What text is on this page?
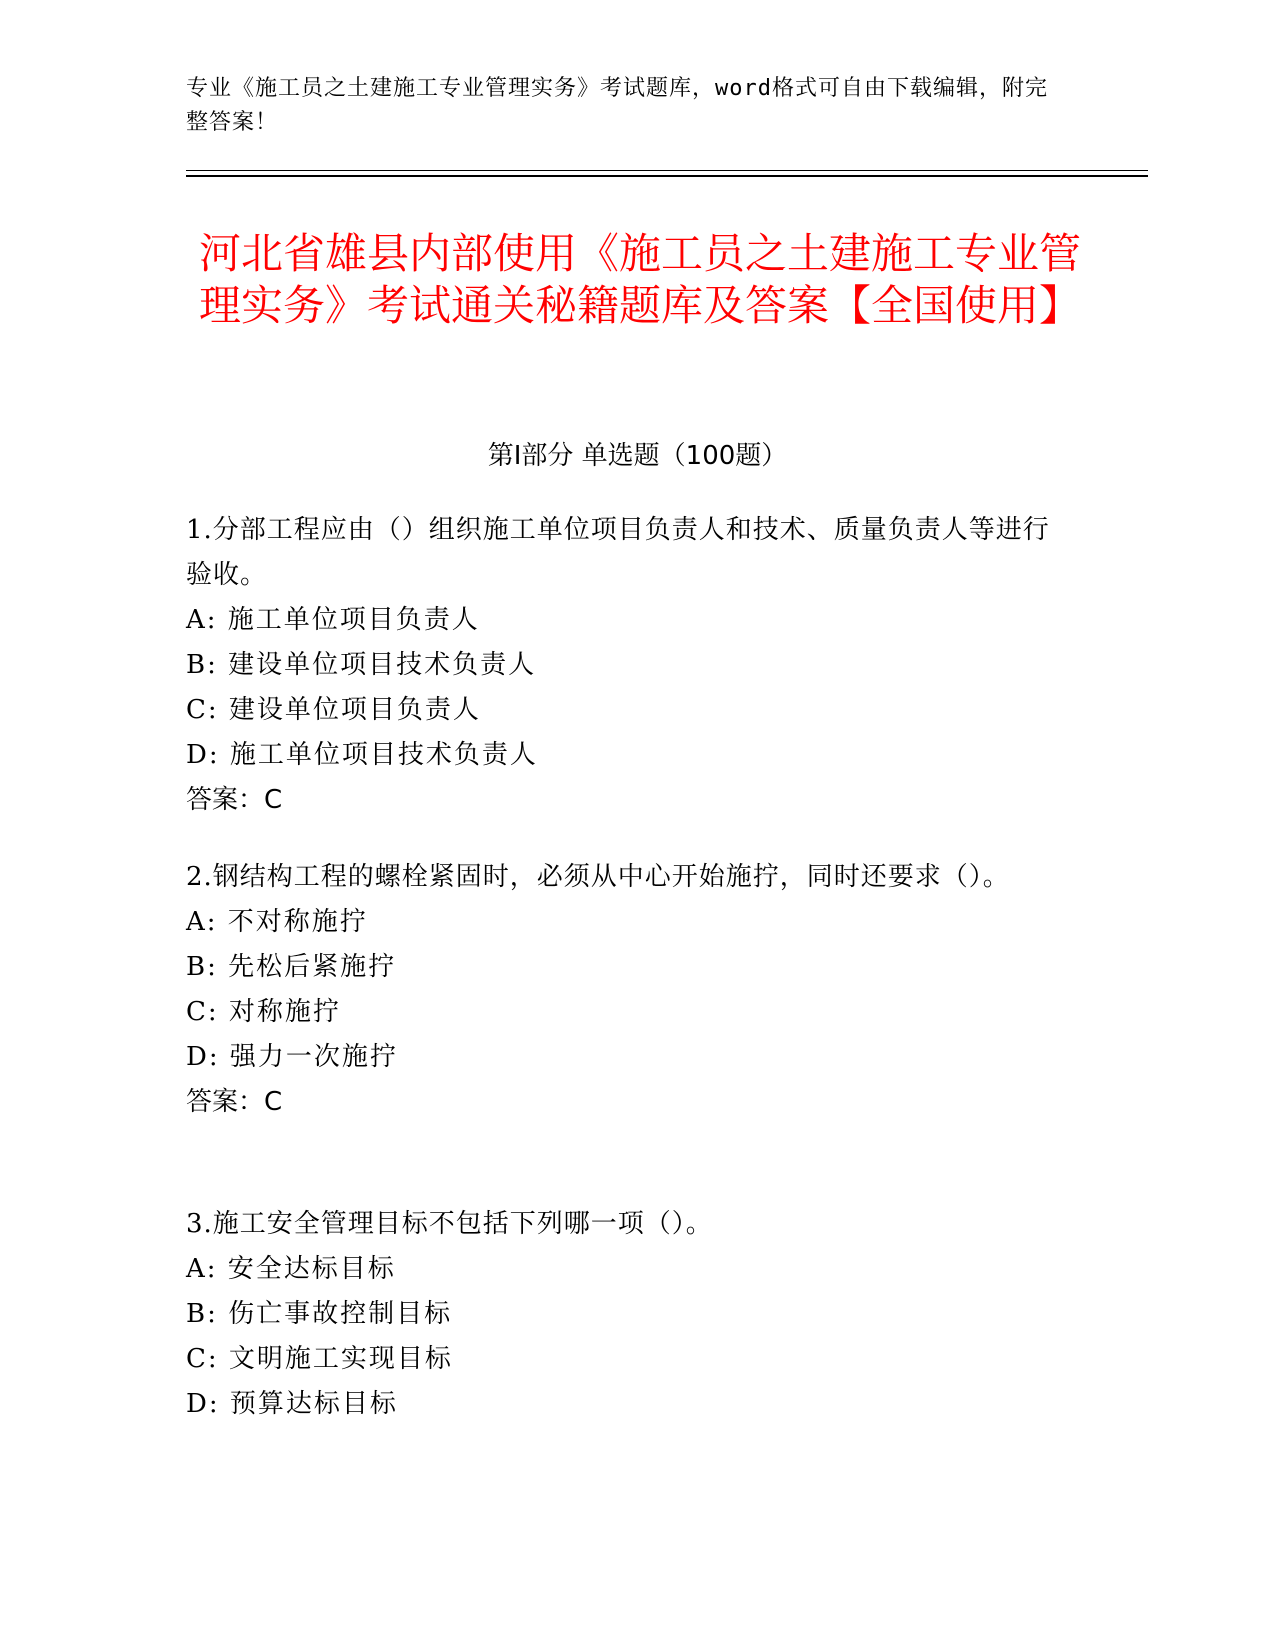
专业《施工员之土建施工专业管理实务》考试题库，word格式可自由下载编辑，附完整答案！
河北省雄县内部使用《施工员之土建施工专业管理实务》考试通关秘籍题库及答案【全国使用】
第Ⅰ部分 单选题（100题）
1.分部工程应由（）组织施工单位项目负责人和技术、质量负责人等进行验收。
A: 施工单位项目负责人
B: 建设单位项目技术负责人
C: 建设单位项目负责人
D: 施工单位项目技术负责人
答案：C
2.钢结构工程的螺栓紧固时，必须从中心开始施拧，同时还要求（）。
A: 不对称施拧
B: 先松后紧施拧
C: 对称施拧
D: 强力一次施拧
答案：C
3.施工安全管理目标不包括下列哪一项（）。
A: 安全达标目标
B: 伤亡事故控制目标
C: 文明施工实现目标
D: 预算达标目标
